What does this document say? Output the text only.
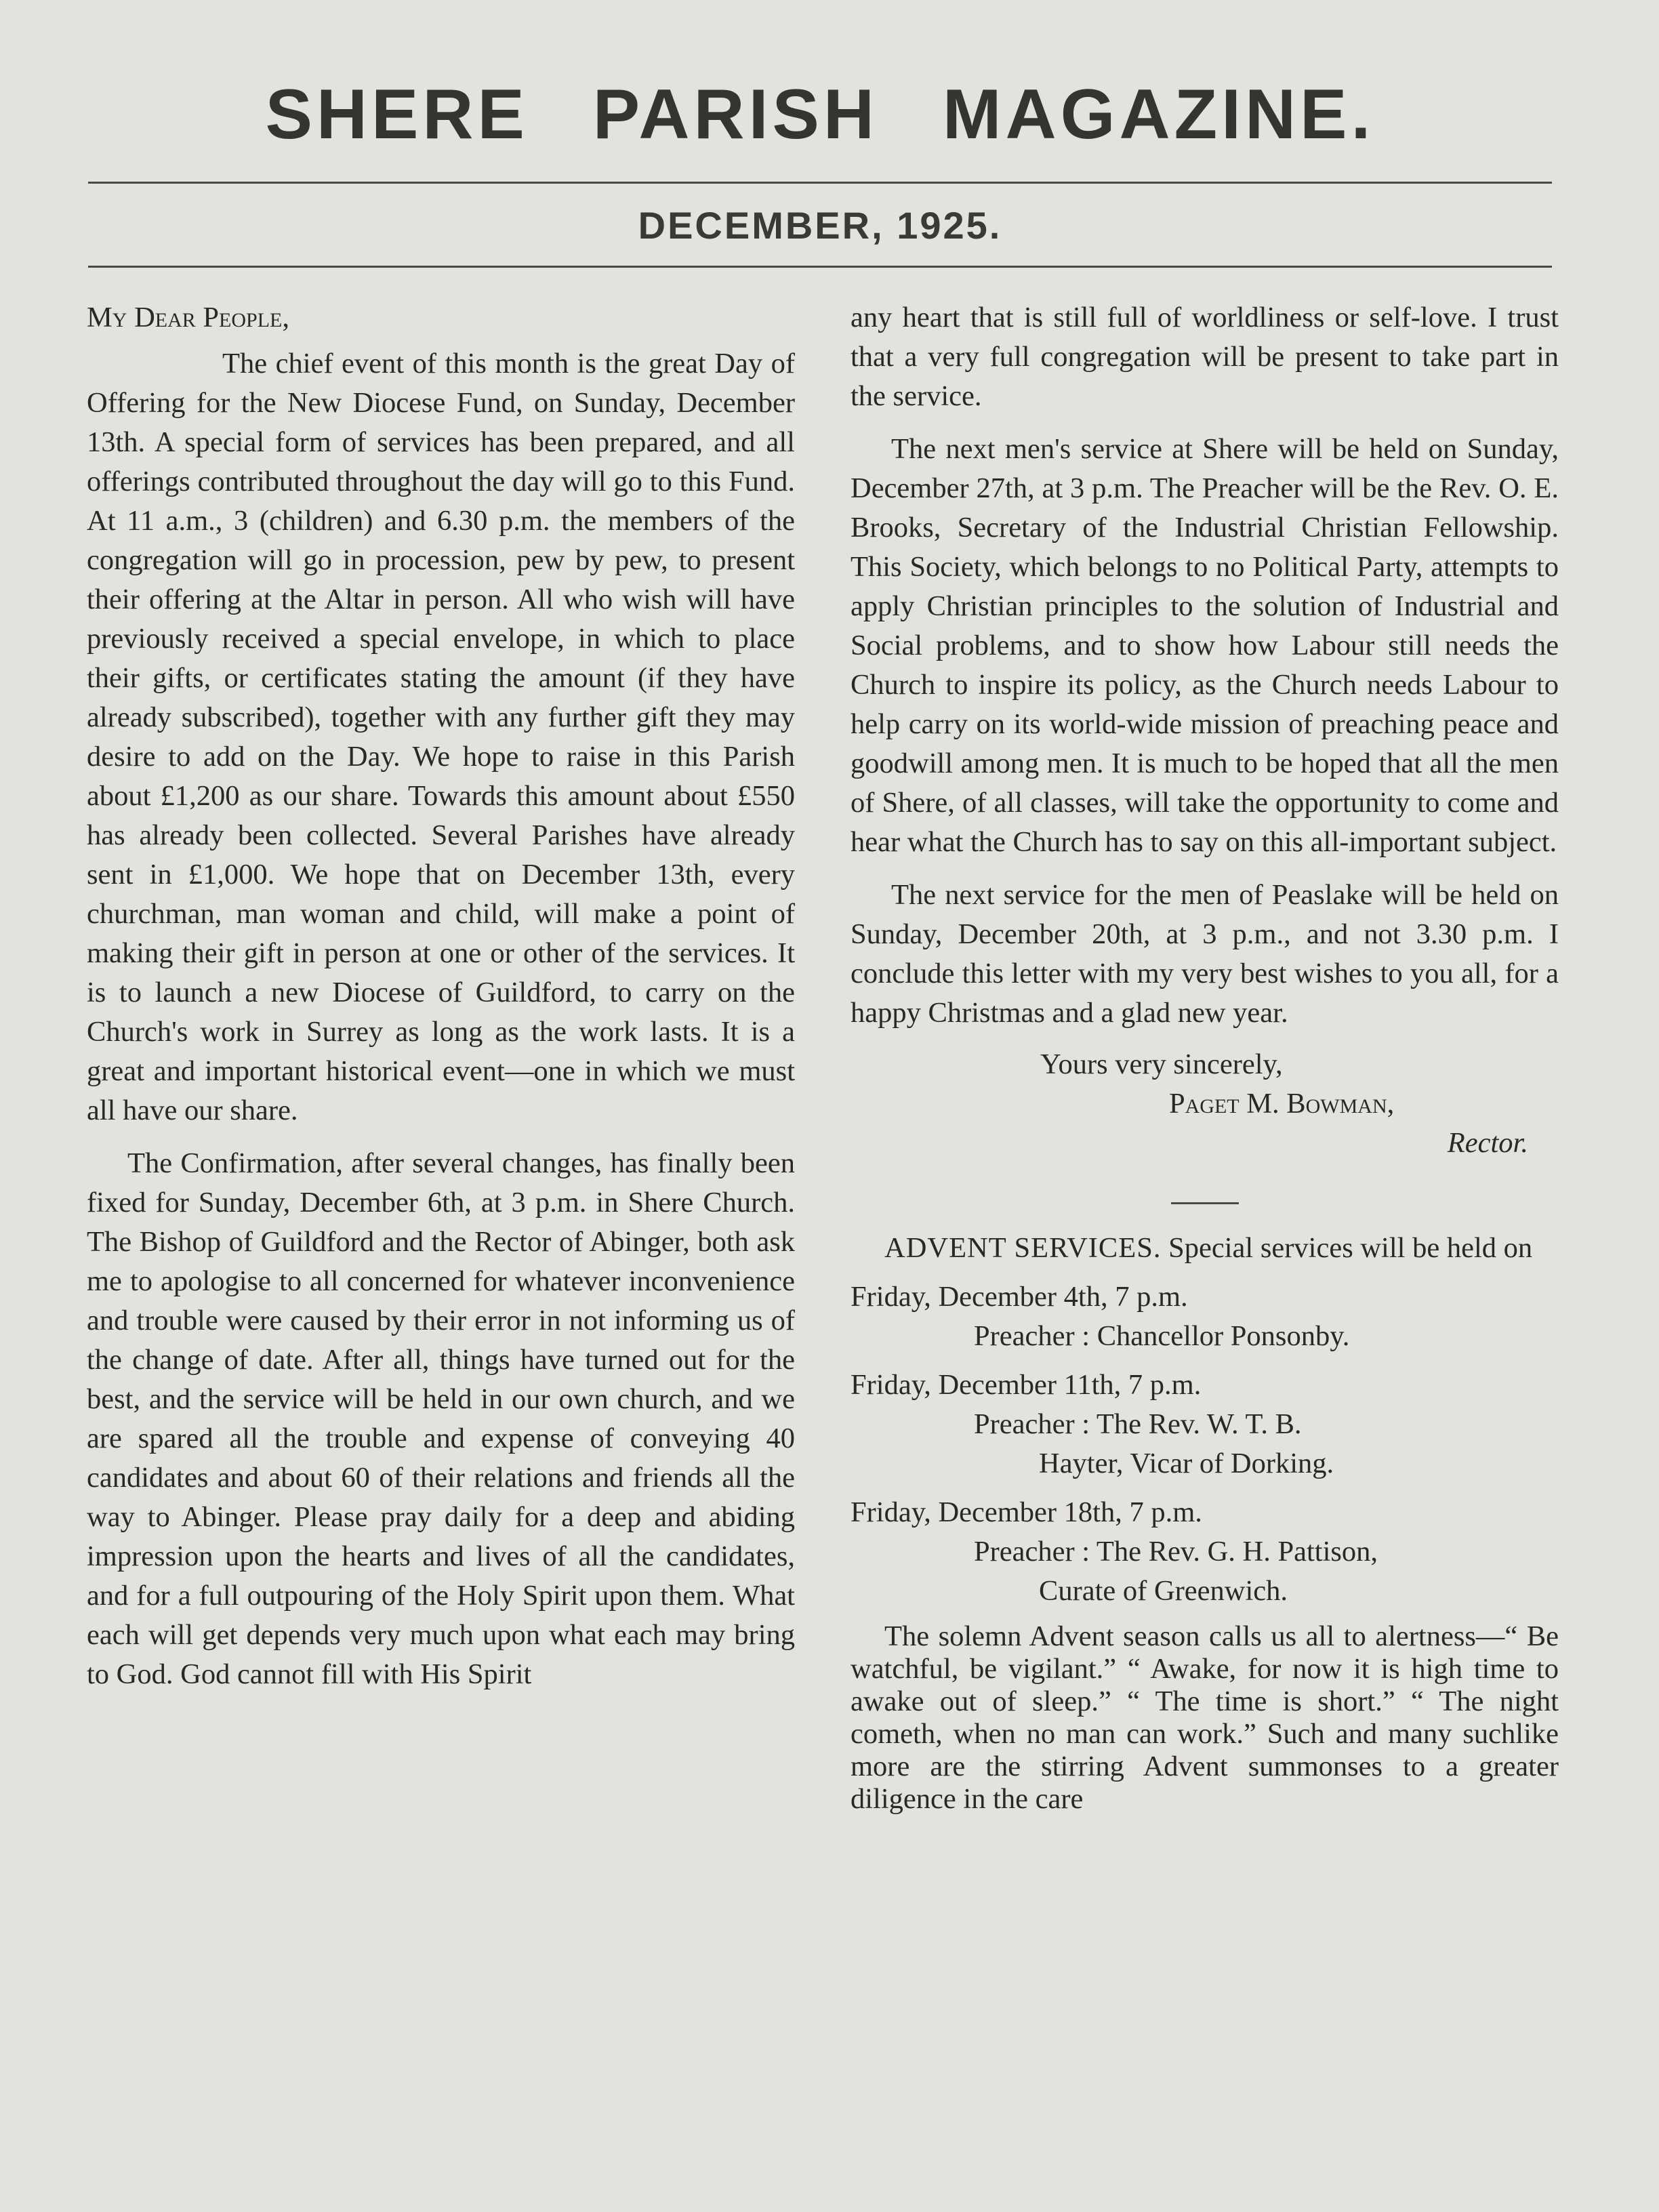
SHERE PARISH MAGAZINE.
DECEMBER, 1925.

My Dear People,

The chief event of this month is the great Day of Offering for the New Diocese Fund, on Sunday, December 13th. A special form of services has been prepared, and all offerings contributed throughout the day will go to this Fund. At 11 a.m., 3 (children) and 6.30 p.m. the members of the congregation will go in procession, pew by pew, to present their offering at the Altar in person. All who wish will have previously received a special envelope, in which to place their gifts, or certificates stating the amount (if they have already subscribed), together with any further gift they may desire to add on the Day. We hope to raise in this Parish about £1,200 as our share. Towards this amount about £550 has already been collected. Several Parishes have already sent in £1,000. We hope that on December 13th, every churchman, man woman and child, will make a point of making their gift in person at one or other of the services. It is to launch a new Diocese of Guildford, to carry on the Church's work in Surrey as long as the work lasts. It is a great and important historical event—one in which we must all have our share.

The Confirmation, after several changes, has finally been fixed for Sunday, December 6th, at 3 p.m. in Shere Church. The Bishop of Guildford and the Rector of Abinger, both ask me to apologise to all concerned for whatever inconvenience and trouble were caused by their error in not informing us of the change of date. After all, things have turned out for the best, and the service will be held in our own church, and we are spared all the trouble and expense of conveying 40 candidates and about 60 of their relations and friends all the way to Abinger. Please pray daily for a deep and abiding impression upon the hearts and lives of all the candidates, and for a full outpouring of the Holy Spirit upon them. What each will get depends very much upon what each may bring to God. God cannot fill with His Spirit

any heart that is still full of worldliness or self-love. I trust that a very full congregation will be present to take part in the service.

The next men's service at Shere will be held on Sunday, December 27th, at 3 p.m. The Preacher will be the Rev. O. E. Brooks, Secretary of the Industrial Christian Fellowship. This Society, which belongs to no Political Party, attempts to apply Christian principles to the solution of Industrial and Social problems, and to show how Labour still needs the Church to inspire its policy, as the Church needs Labour to help carry on its world-wide mission of preaching peace and goodwill among men. It is much to be hoped that all the men of Shere, of all classes, will take the opportunity to come and hear what the Church has to say on this all-important subject.

The next service for the men of Peaslake will be held on Sunday, December 20th, at 3 p.m., and not 3.30 p.m. I conclude this letter with my very best wishes to you all, for a happy Christmas and a glad new year.

Yours very sincerely,

Paget M. Bowman,

Rector.

ADVENT SERVICES. Special services will be held on

Friday, December 4th, 7 p.m.
Preacher : Chancellor Ponsonby.
Friday, December 11th, 7 p.m.
Preacher : The Rev. W. T. B.
Hayter, Vicar of Dorking.
Friday, December 18th, 7 p.m.
Preacher : The Rev. G. H. Pattison,
Curate of Greenwich.

The solemn Advent season calls us all to alertness—“ Be watchful, be vigilant.” “ Awake, for now it is high time to awake out of sleep.” “ The time is short.” “ The night cometh, when no man can work.” Such and many suchlike more are the stirring Advent summonses to a greater diligence in the care
